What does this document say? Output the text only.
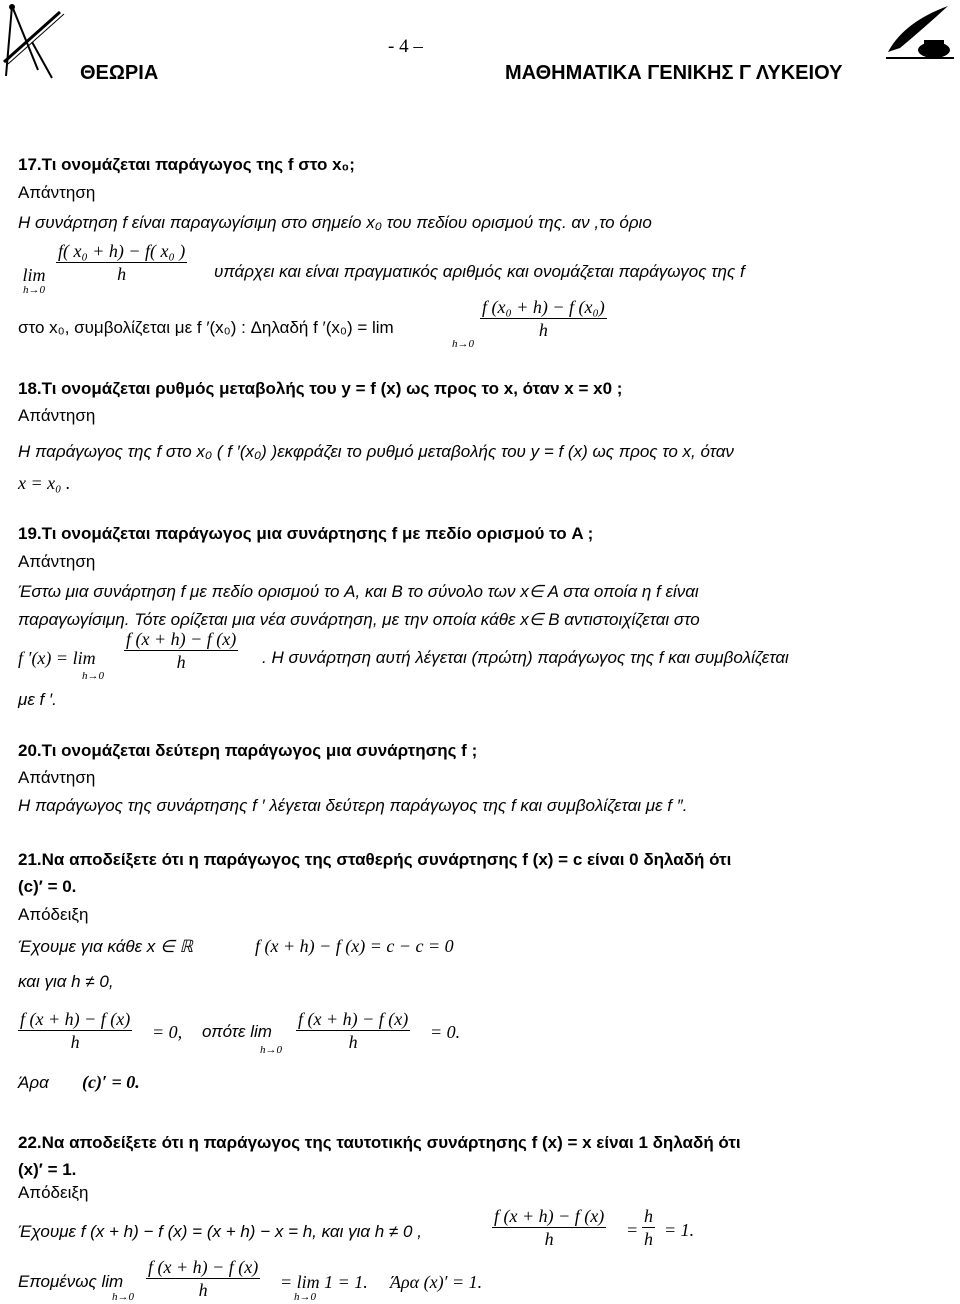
- 4 –
ΘΕΩΡΙΑ	ΜΑΘΗΜΑΤΙΚΑ ΓΕΝΙΚΗΣ Γ ΛΥΚΕΙΟΥ
17.Τι ονομάζεται παράγωγος της f στο x₀;
Απάντηση
Η συνάρτηση f είναι παραγωγίσιμη στο σημείο x₀ του πεδίου ορισμού της. αν ,το όριο
lim
h→0
f( x₀ + h) − f( x₀ )
h	υπάρχει και είναι πραγματικός αριθμός και ονομάζεται παράγωγος της f
στο x₀, συμβολίζεται με f ′(x₀) : Δηλαδή f ′(x₀) = lim
f (x₀ + h) − f (x₀)
h
h→0
18.Τι ονομάζεται ρυθμός μεταβολής του y = f (x) ως προς το x, όταν x = x0 ;
Απάντηση
Η παράγωγος της f στο x₀ ( f ′(x₀) )εκφράζει το ρυθμό μεταβολής του y = f (x) ως προς το x, όταν
x = x₀ .
19.Τι ονομάζεται παράγωγος μια συνάρτησης f με πεδίο ορισμού το A ;
Απάντηση
Έστω μια συνάρτηση f με πεδίο ορισμού το A, και B το σύνολο των x∈ A στα οποία η f είναι
παραγωγίσιμη. Τότε ορίζεται μια νέα συνάρτηση, με την οποία κάθε x∈ B αντιστοιχίζεται στο
f ′(x) = lim
h→0
f (x + h) − f (x)
h	. Η συνάρτηση αυτή λέγεται (πρώτη) παράγωγος της f και συμβολίζεται
με f ′.
20.Τι ονομάζεται δεύτερη παράγωγος μια συνάρτησης f ;
Απάντηση
Η παράγωγος της συνάρτησης f ′ λέγεται δεύτερη παράγωγος της f και συμβολίζεται με f ″.
21.Να αποδείξετε ότι η παράγωγος της σταθερής συνάρτησης f (x) = c είναι 0 δηλαδή ότι
(c)′ = 0.
Απόδειξη
Έχουμε για κάθε x ∈ ℝ	f (x + h) − f (x) = c − c = 0
και για h ≠ 0,
f (x + h) − f (x)
h	= 0, οπότε lim
h→0
f (x + h) − f (x)
h	= 0.
Άρα (c)′ = 0.
22.Να αποδείξετε ότι η παράγωγος της ταυτοτικής συνάρτησης f (x) = x είναι 1 δηλαδή ότι
(x)′ = 1.
Απόδειξη
Έχουμε f (x + h) − f (x) = (x + h) − x = h, και για h ≠ 0 ,
f (x + h) − f (x)
h	=
h
h = 1.
Επομένως lim
h→0
f (x + h) − f (x)
h	= lim 1 = 1.
h→0
Άρα (x)′ = 1.
